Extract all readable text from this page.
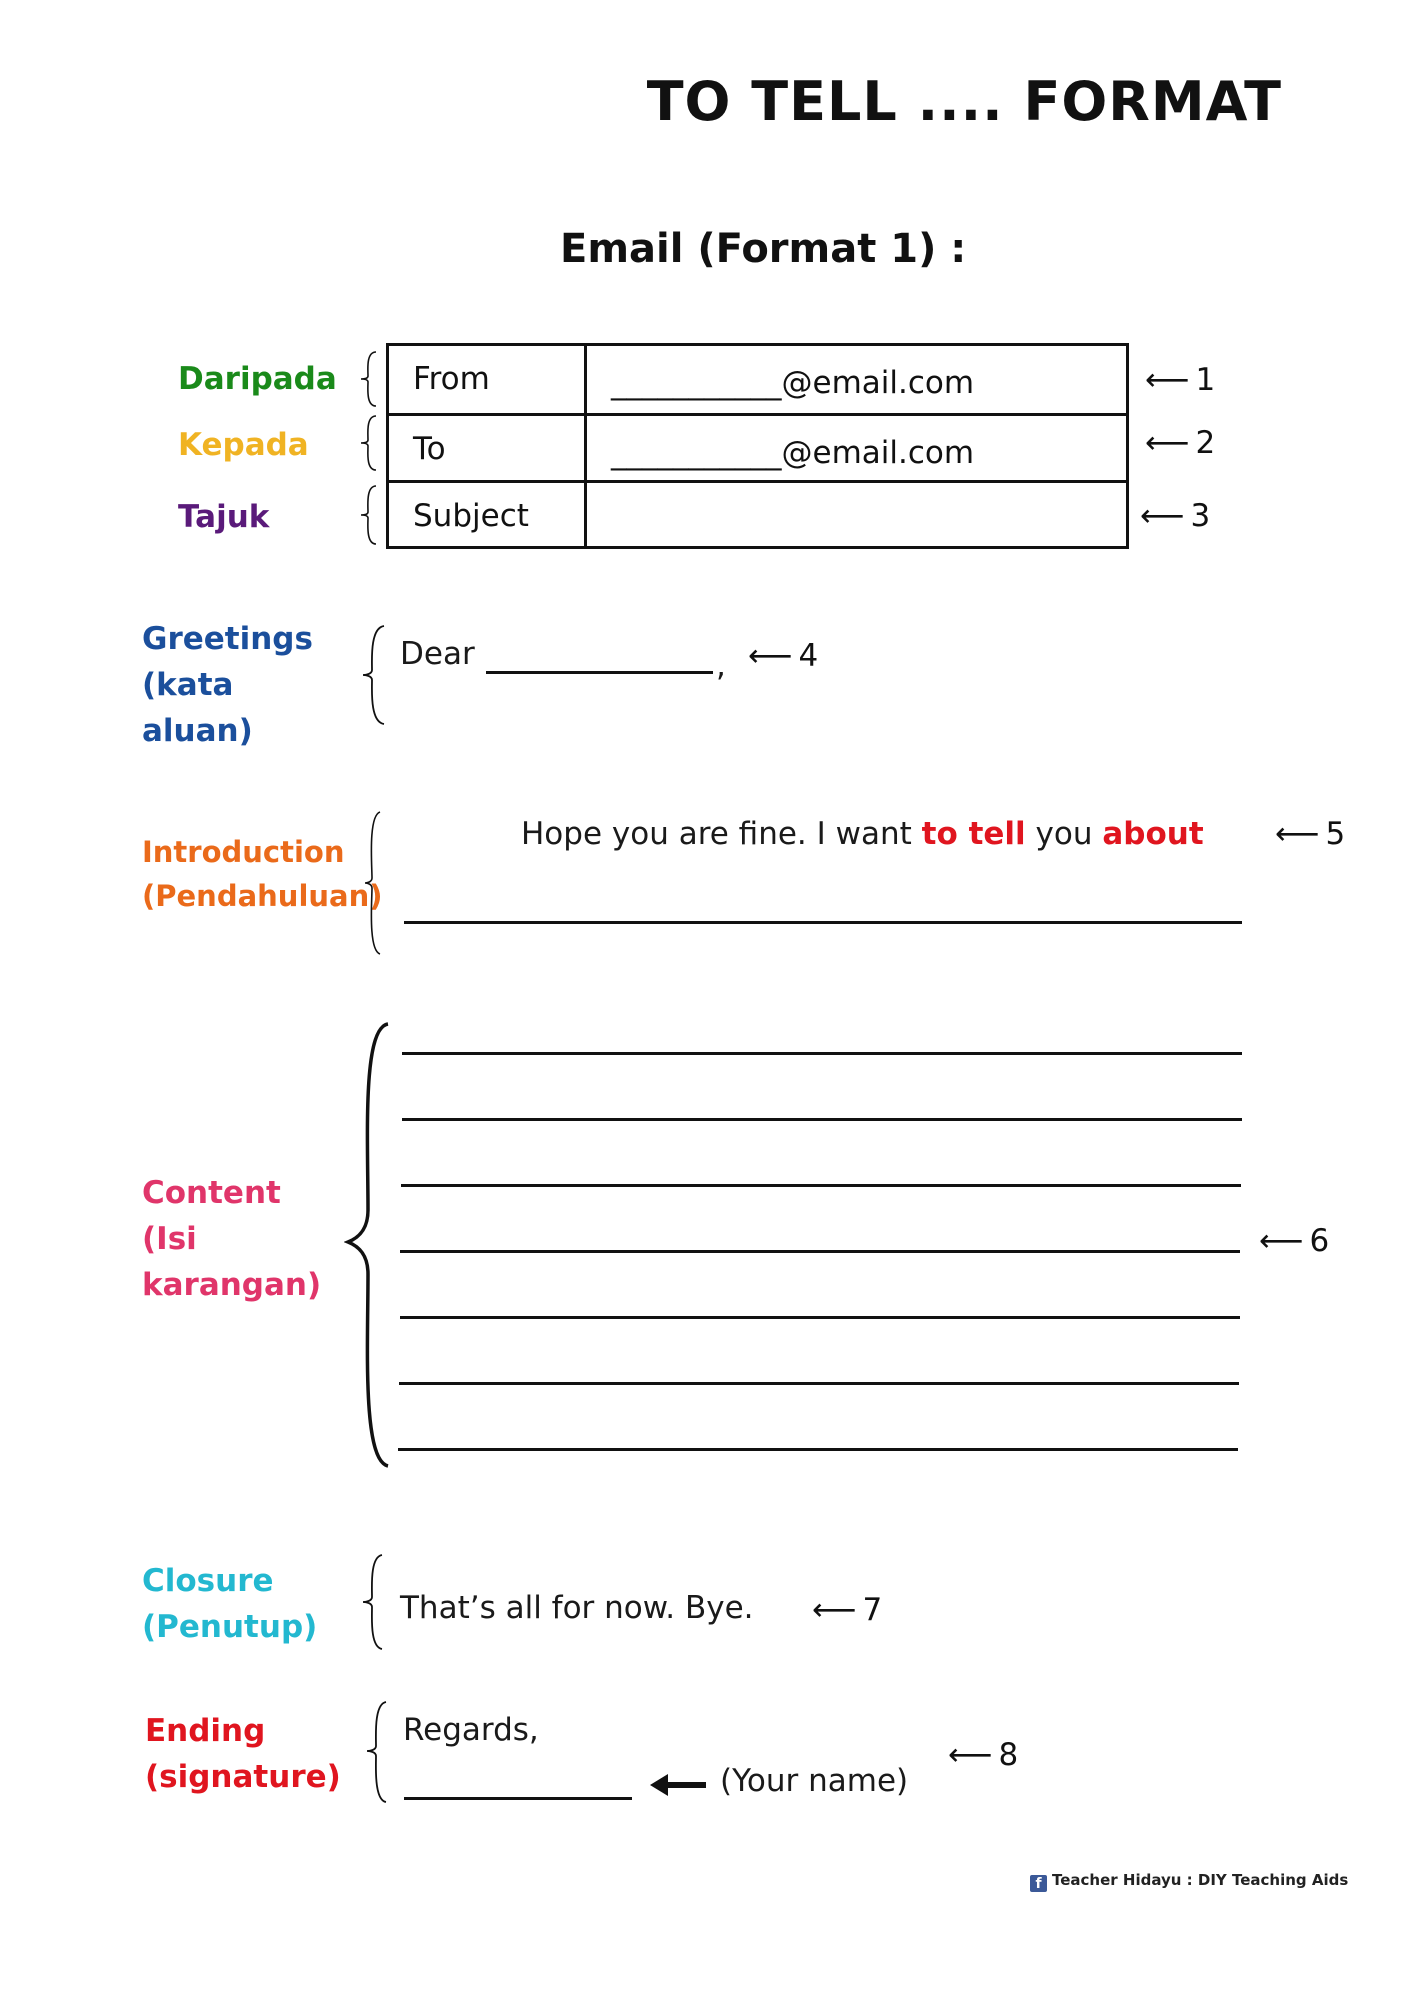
TO TELL .... FORMAT
Email (Format 1) :
Daripada
Kepada
Tajuk
From	___________@email.com
To	___________@email.com
Subject
⟵ 1
⟵ 2
⟵ 3
Greetings
(kata
aluan)
Dear	, ⟵ 4
Introduction
(Pendahuluan)
Hope you are fine. I want to tell you about ⟵ 5
Content
(Isi
karangan)
⟵ 6
Closure
(Penutup)
That’s all for now. Bye. ⟵ 7
Ending
(signature)
Regards,
(Your name)
⟵ 8
f Teacher Hidayu : DIY Teaching Aids
